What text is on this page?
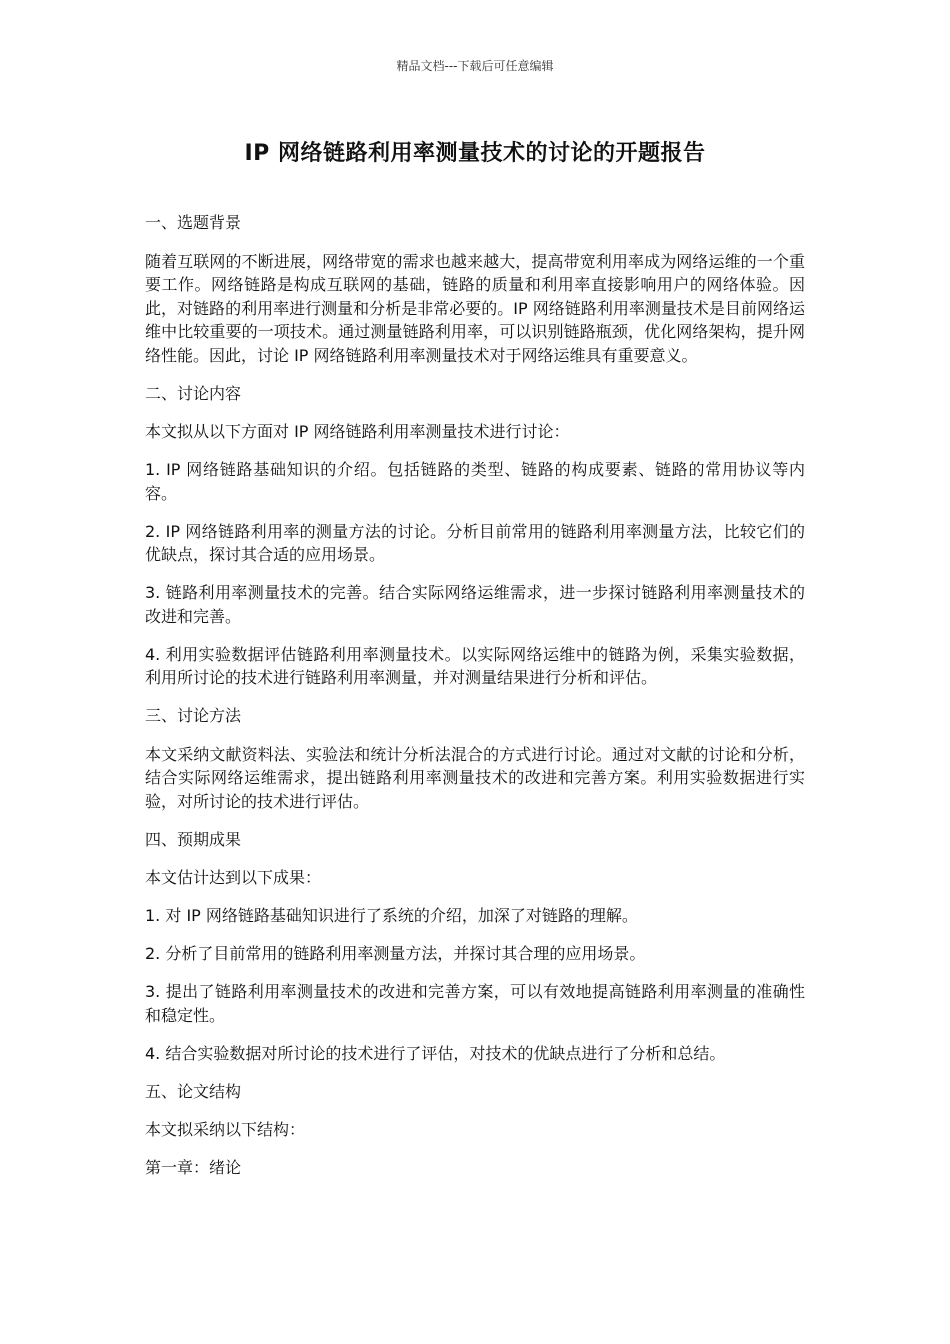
精品文档---下载后可任意编辑
IP 网络链路利用率测量技术的讨论的开题报告

一、选题背景

随着互联网的不断进展，网络带宽的需求也越来越大，提高带宽利用率成为网络运维的一个重要工作。网络链路是构成互联网的基础，链路的质量和利用率直接影响用户的网络体验。因此，对链路的利用率进行测量和分析是非常必要的。IP 网络链路利用率测量技术是目前网络运维中比较重要的一项技术。通过测量链路利用率，可以识别链路瓶颈，优化网络架构，提升网络性能。因此，讨论 IP 网络链路利用率测量技术对于网络运维具有重要意义。

二、讨论内容

本文拟从以下方面对 IP 网络链路利用率测量技术进行讨论：

1. IP 网络链路基础知识的介绍。包括链路的类型、链路的构成要素、链路的常用协议等内容。

2. IP 网络链路利用率的测量方法的讨论。分析目前常用的链路利用率测量方法，比较它们的优缺点，探讨其合适的应用场景。

3. 链路利用率测量技术的完善。结合实际网络运维需求，进一步探讨链路利用率测量技术的改进和完善。

4. 利用实验数据评估链路利用率测量技术。以实际网络运维中的链路为例，采集实验数据，利用所讨论的技术进行链路利用率测量，并对测量结果进行分析和评估。

三、讨论方法

本文采纳文献资料法、实验法和统计分析法混合的方式进行讨论。通过对文献的讨论和分析，结合实际网络运维需求，提出链路利用率测量技术的改进和完善方案。利用实验数据进行实验，对所讨论的技术进行评估。

四、预期成果

本文估计达到以下成果：

1. 对 IP 网络链路基础知识进行了系统的介绍，加深了对链路的理解。

2. 分析了目前常用的链路利用率测量方法，并探讨其合理的应用场景。

3. 提出了链路利用率测量技术的改进和完善方案，可以有效地提高链路利用率测量的准确性和稳定性。

4. 结合实验数据对所讨论的技术进行了评估，对技术的优缺点进行了分析和总结。

五、论文结构

本文拟采纳以下结构：

第一章：绪论
